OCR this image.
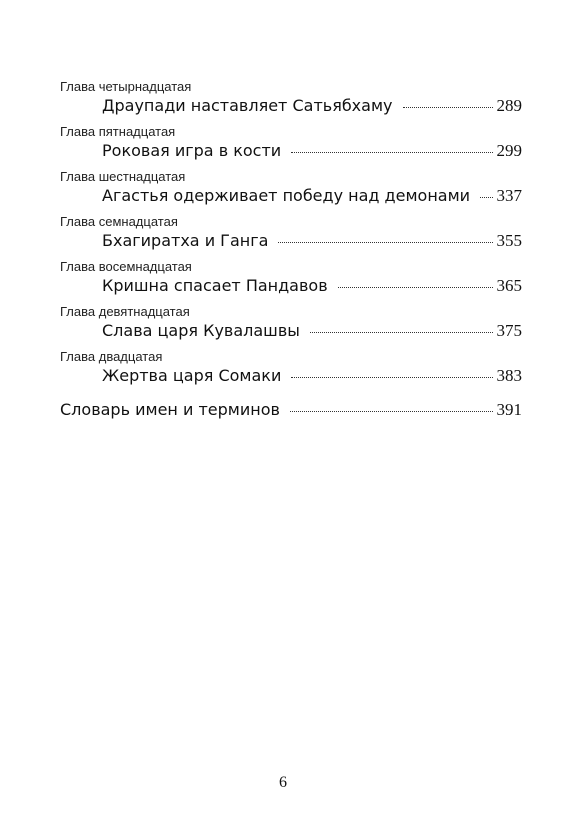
Глава четырнадцатая
Драупади наставляет Сатьябхаму	289
Глава пятнадцатая
Роковая игра в кости	299
Глава шестнадцатая
Агастья одерживает победу над демонами 337
Глава семнадцатая
Бхагиратха и Ганга	355
Глава восемнадцатая
Кришна спасает Пандавов	365
Глава девятнадцатая
Слава царя Кувалашвы	375
Глава двадцатая
Жертва царя Сомаки	383
Словарь имен и терминов	391
6
